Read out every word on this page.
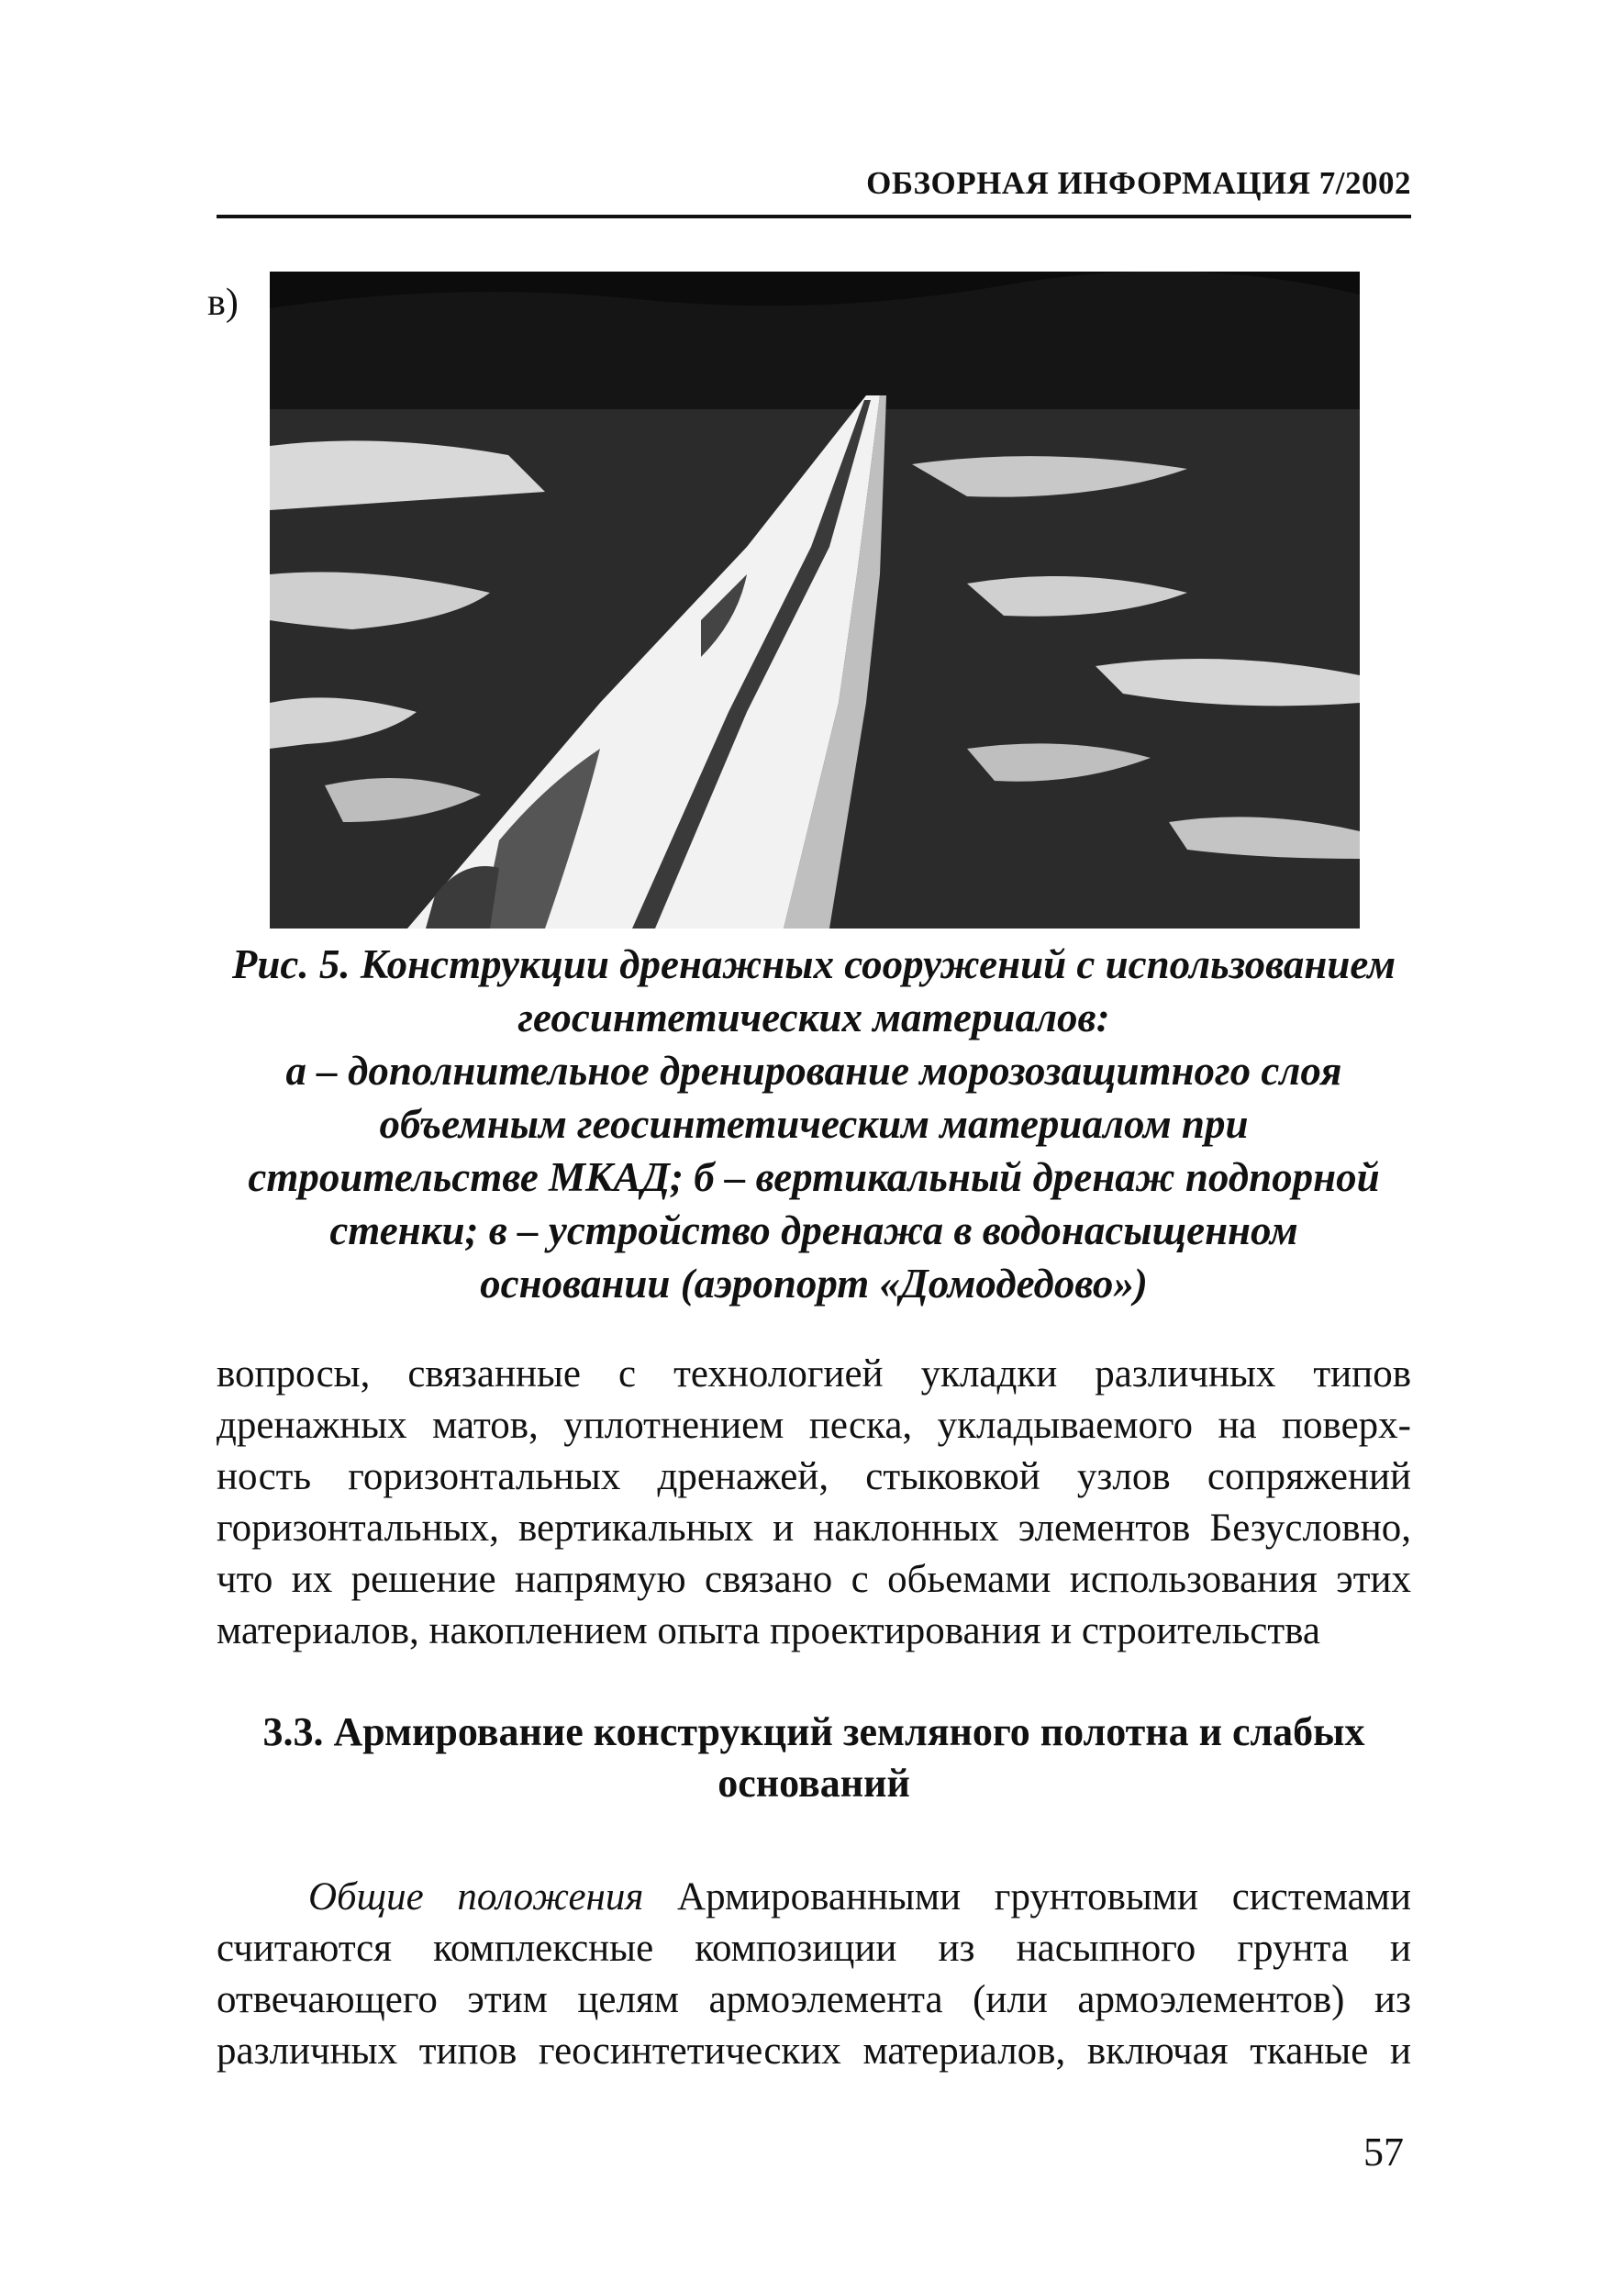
ОБЗОРНАЯ ИНФОРМАЦИЯ 7/2002
в)
Рис. 5. Конструкции дренажных сооружений с использованием
геосинтетических материалов:
а – дополнительное дренирование морозозащитного слоя
объемным геосинтетическим материалом при
строительстве МКАД; б – вертикальный дренаж подпорной
стенки; в – устройство дренажа в водонасыщенном
основании (аэропорт «Домодедово»)
вопросы, связанные с технологией укладки различных типов
дренажных матов, уплотнением песка, укладываемого на поверх-
ность горизонтальных дренажей, стыковкой узлов сопряжений
горизонтальных, вертикальных и наклонных элементов Безусловно,
что их решение напрямую связано с обьемами использования этих
материалов, накоплением опыта проектирования и строительства
3.3. Армирование конструкций земляного полотна и слабых
оснований
Общие положения Армированными грунтовыми системами
считаются комплексные композиции из насыпного грунта и
отвечающего этим целям армоэлемента (или армоэлементов) из
различных типов геосинтетических материалов, включая тканые и
57
